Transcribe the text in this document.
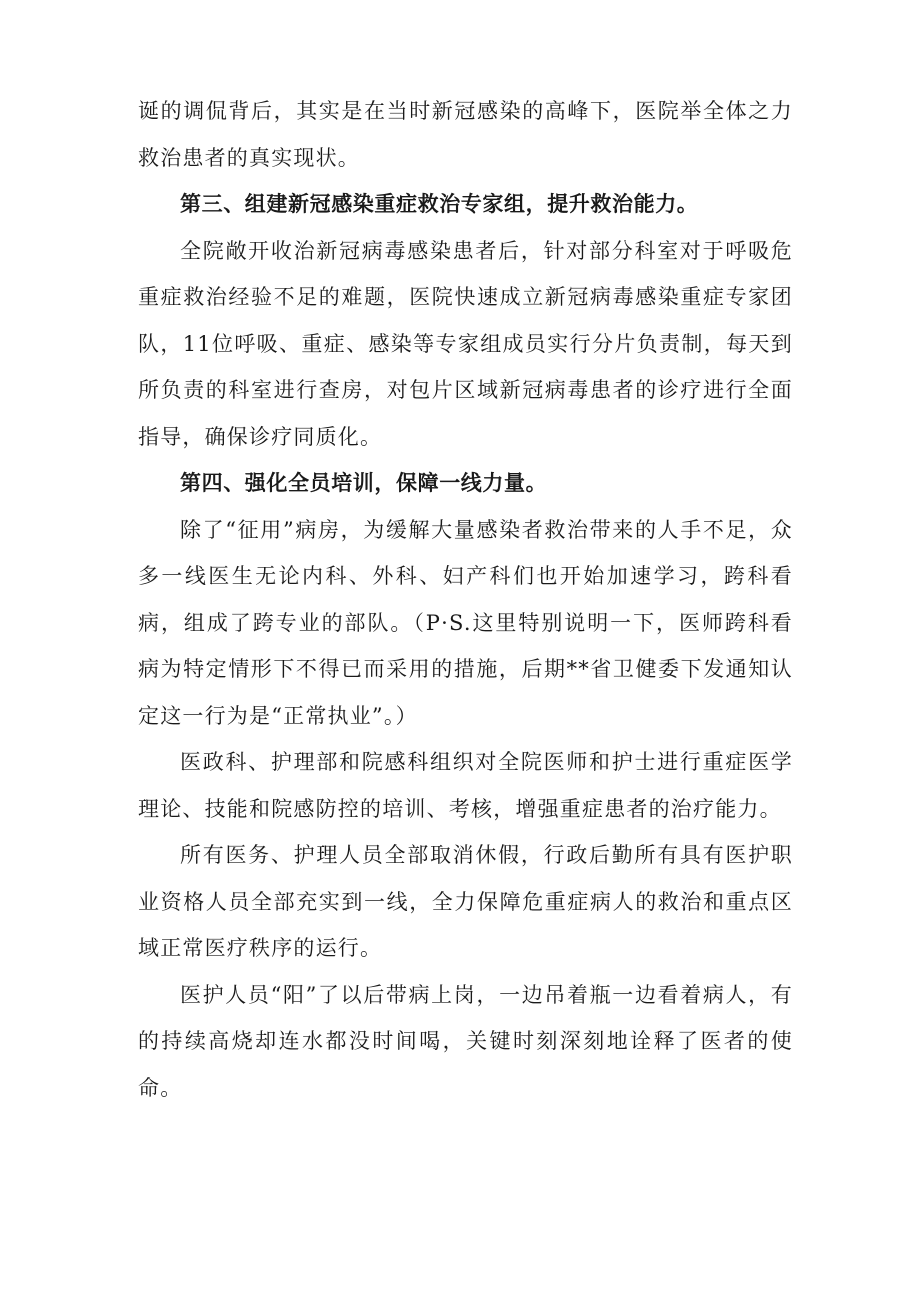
诞的调侃背后，其实是在当时新冠感染的高峰下，医院举全体之力救治患者的真实现状。

第三、组建新冠感染重症救治专家组，提升救治能力。

全院敞开收治新冠病毒感染患者后，针对部分科室对于呼吸危重症救治经验不足的难题，医院快速成立新冠病毒感染重症专家团队，11位呼吸、重症、感染等专家组成员实行分片负责制，每天到所负责的科室进行查房，对包片区域新冠病毒患者的诊疗进行全面指导，确保诊疗同质化。

第四、强化全员培训，保障一线力量。

除了“征用”病房，为缓解大量感染者救治带来的人手不足，众多一线医生无论内科、外科、妇产科们也开始加速学习，跨科看病，组成了跨专业的部队。（P·S.这里特别说明一下，医师跨科看病为特定情形下不得已而采用的措施，后期**省卫健委下发通知认定这一行为是“正常执业”。）

医政科、护理部和院感科组织对全院医师和护士进行重症医学理论、技能和院感防控的培训、考核，增强重症患者的治疗能力。

所有医务、护理人员全部取消休假，行政后勤所有具有医护职业资格人员全部充实到一线，全力保障危重症病人的救治和重点区域正常医疗秩序的运行。

医护人员“阳”了以后带病上岗，一边吊着瓶一边看着病人，有的持续高烧却连水都没时间喝，关键时刻深刻地诠释了医者的使命。
